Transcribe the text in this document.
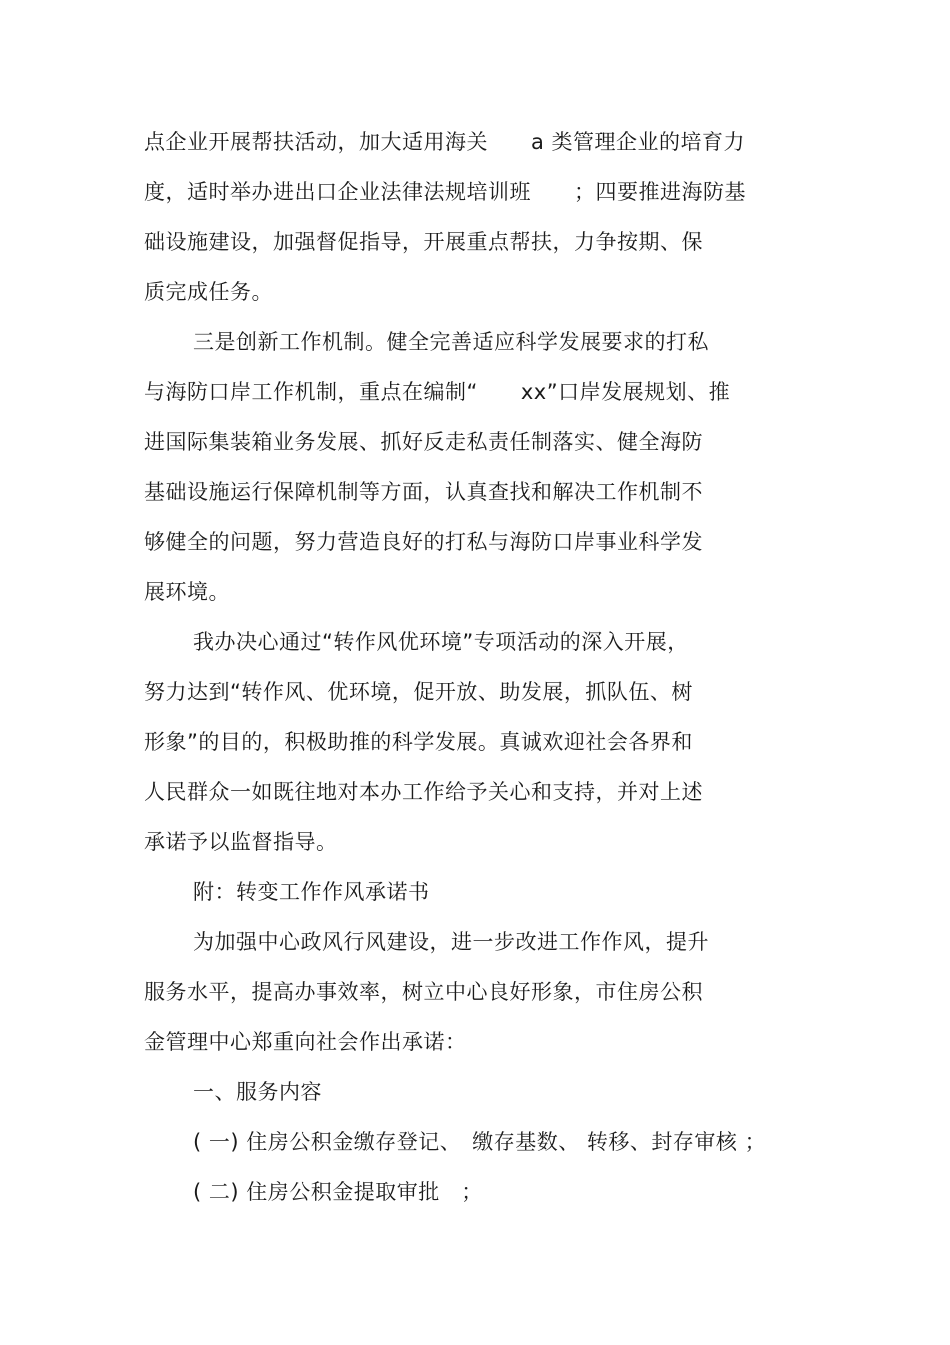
点企业开展帮扶活动，加大适用海关　　a 类管理企业的培育力
度，适时举办进出口企业法律法规培训班　　；四要推进海防基
础设施建设，加强督促指导，开展重点帮扶，力争按期、保
质完成任务。
三是创新工作机制。健全完善适应科学发展要求的打私
与海防口岸工作机制，重点在编制“　　xx”口岸发展规划、推
进国际集装箱业务发展、抓好反走私责任制落实、健全海防
基础设施运行保障机制等方面，认真查找和解决工作机制不
够健全的问题，努力营造良好的打私与海防口岸事业科学发
展环境。
我办决心通过“转作风优环境”专项活动的深入开展，
努力达到“转作风、优环境，促开放、助发展，抓队伍、树
形象”的目的，积极助推的科学发展。真诚欢迎社会各界和
人民群众一如既往地对本办工作给予关心和支持，并对上述
承诺予以监督指导。
附：转变工作作风承诺书
为加强中心政风行风建设，进一步改进工作作风，提升
服务水平，提高办事效率，树立中心良好形象，市住房公积
金管理中心郑重向社会作出承诺：
一、服务内容
( 一) 住房公积金缴存登记、　缴存基数、 转移、封存审核 ；
( 二) 住房公积金提取审批　；
